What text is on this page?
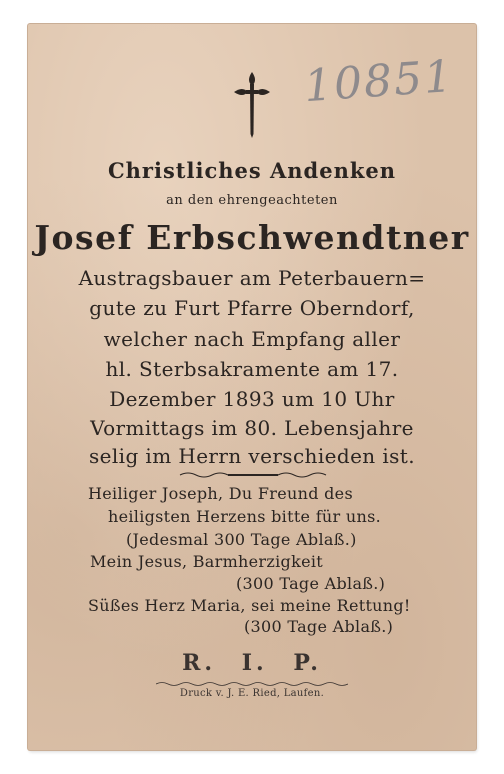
10851
Christliches Andenken
an den ehrengeachteten
Josef Erbschwendtner
Austragsbauer am Peterbauern=
gute zu Furt Pfarre Oberndorf,
welcher nach Empfang aller
hl. Sterbsakramente am 17.
Dezember 1893 um 10 Uhr
Vormittags im 80. Lebensjahre
selig im Herrn verschieden ist.
Heiliger Joseph, Du Freund des
heiligsten Herzens bitte für uns.
(Jedesmal 300 Tage Ablaß.)
Mein Jesus, Barmherzigkeit
(300 Tage Ablaß.)
Süßes Herz Maria, sei meine Rettung!
(300 Tage Ablaß.)
R. I. P.
Druck v. J. E. Ried, Laufen.
